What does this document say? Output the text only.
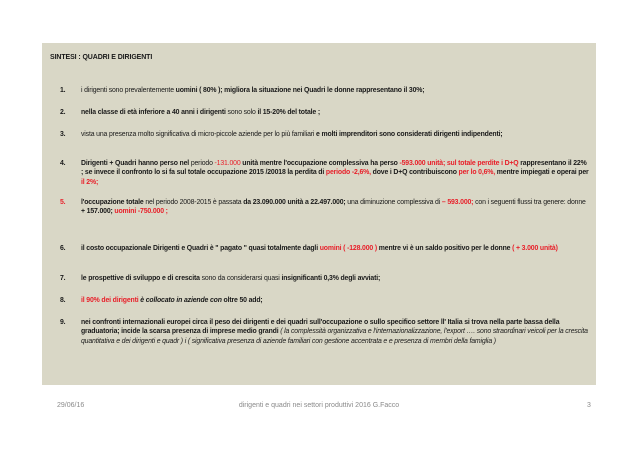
SINTESI : QUADRI E DIRIGENTI
1. i dirigenti sono prevalentemente uomini ( 80% ); migliora la situazione nei Quadri le donne rappresentano il 30%;
2. nella classe di età inferiore a 40 anni i dirigenti sono solo il 15-20% del totale ;
3. vista una presenza molto significativa di micro-piccole aziende per lo più familiari e molti imprenditori sono considerati dirigenti indipendenti;
4. Dirigenti + Quadri hanno perso nel periodo -131.000 unità mentre l'occupazione complessiva ha perso -593.000 unità; sul totale perdite i D+Q rappresentano il 22% ; se invece il confronto lo si fa sul totale occupazione 2015 /20018 la perdita di periodo -2,6%, dove i D+Q contribuiscono per lo 0,6%, mentre impiegati e operai per il 2%;
5. l'occupazione totale nel periodo 2008-2015 è passata da 23.090.000 unità a 22.497.000; una diminuzione complessiva di – 593.000; con i seguenti flussi tra genere: donne + 157.000; uomini -750.000 ;
6. il costo occupazionale Dirigenti e Quadri è " pagato " quasi totalmente dagli uomini ( -128.000 ) mentre vi è un saldo positivo per le donne ( + 3.000 unità)
7. le prospettive di sviluppo e di crescita sono da considerarsi quasi insignificanti 0,3% degli avviati;
8. il 90% dei dirigenti è collocato in aziende con oltre 50 add;
9. nei confronti internazionali europei circa il peso dei dirigenti e dei quadri sull'occupazione o sullo specifico settore ll' Italia si trova nella parte bassa della graduatoria; incide la scarsa presenza di imprese medio grandi ( la complessità organizzativa e l'internazionalizzazione, l'export …. sono straordinari veicoli per la crescita quantitativa e dei dirigenti e quadr ) i ( significativa presenza di aziende familiari con gestione accentrata e e presenza di membri della famiglia )
29/06/16	dirigenti e quadri nei settori produttivi 2016 G.Facco	3
